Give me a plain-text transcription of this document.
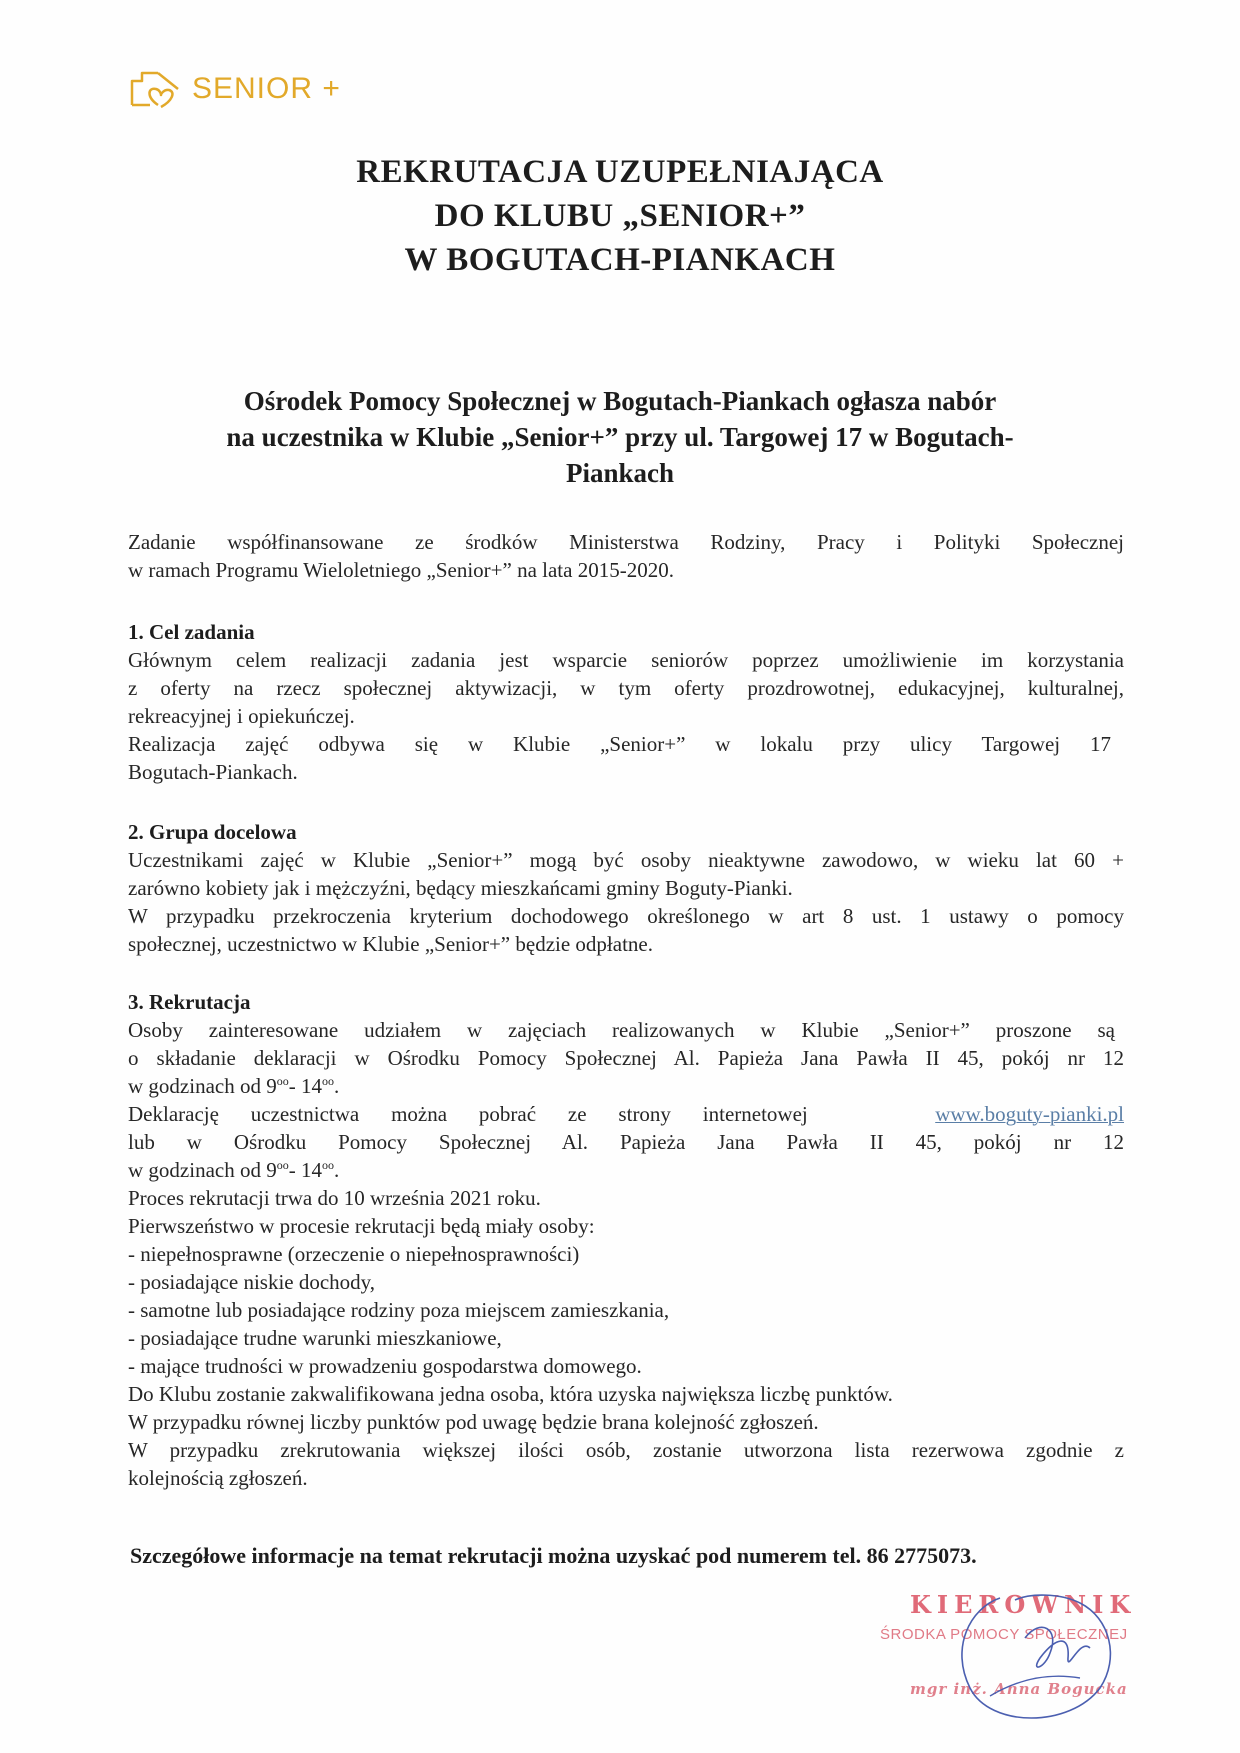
SENIOR +
REKRUTACJA UZUPEŁNIAJĄCA
DO KLUBU „SENIOR+”
W BOGUTACH-PIANKACH
Ośrodek Pomocy Społecznej w Bogutach-Piankach ogłasza nabór
na uczestnika w Klubie „Senior+” przy ul. Targowej 17 w Bogutach-
Piankach

Zadanie współfinansowane ze środków Ministerstwa Rodziny, Pracy i Polityki Społecznej

w ramach Programu Wieloletniego „Senior+” na lata 2015-2020.

1. Cel zadania

Głównym celem realizacji zadania jest wsparcie seniorów poprzez umożliwienie im korzystania

z oferty na rzecz społecznej aktywizacji, w tym oferty prozdrowotnej, edukacyjnej, kulturalnej,

rekreacyjnej i opiekuńczej.

Realizacja zajęć odbywa się w Klubie „Senior+” w lokalu przy ulicy Targowej 17

Bogutach-Piankach.

2. Grupa docelowa

Uczestnikami zajęć w Klubie „Senior+” mogą być osoby nieaktywne zawodowo, w wieku lat 60 +

zarówno kobiety jak i mężczyźni, będący mieszkańcami gminy Boguty-Pianki.

W przypadku przekroczenia kryterium dochodowego określonego w art 8 ust. 1 ustawy o pomocy

społecznej, uczestnictwo w Klubie „Senior+” będzie odpłatne.

3. Rekrutacja

Osoby zainteresowane udziałem w zajęciach realizowanych w Klubie „Senior+” proszone są

o składanie deklaracji w Ośrodku Pomocy Społecznej Al. Papieża Jana Pawła II 45, pokój nr 12

w godzinach od $9^{oo}-$ $14^{oo}$.

Deklarację uczestnictwa można pobrać ze strony internetowej	www.boguty-pianki.pl

lub w Ośrodku Pomocy Społecznej Al. Papieża Jana Pawła II 45, pokój nr 12

w godzinach od $9^{oo}-$ $14^{oo}$.

Proces rekrutacji trwa do 10 września 2021 roku.

Pierwszeństwo w procesie rekrutacji będą miały osoby:

- niepełnosprawne (orzeczenie o niepełnosprawności)

- posiadające niskie dochody,

- samotne lub posiadające rodziny poza miejscem zamieszkania,

- posiadające trudne warunki mieszkaniowe,

- mające trudności w prowadzeniu gospodarstwa domowego.

Do Klubu zostanie zakwalifikowana jedna osoba, która uzyska największa liczbę punktów.

W przypadku równej liczby punktów pod uwagę będzie brana kolejność zgłoszeń.

W przypadku zrekrutowania większej ilości osób, zostanie utworzona lista rezerwowa zgodnie z

kolejnością zgłoszeń.

Szczegółowe informacje na temat rekrutacji można uzyskać pod numerem tel. 86 2775073.
KIEROWNIK
ŚRODKA POMOCY SPOŁECZNEJ
mgr inż. Anna Bogucka
